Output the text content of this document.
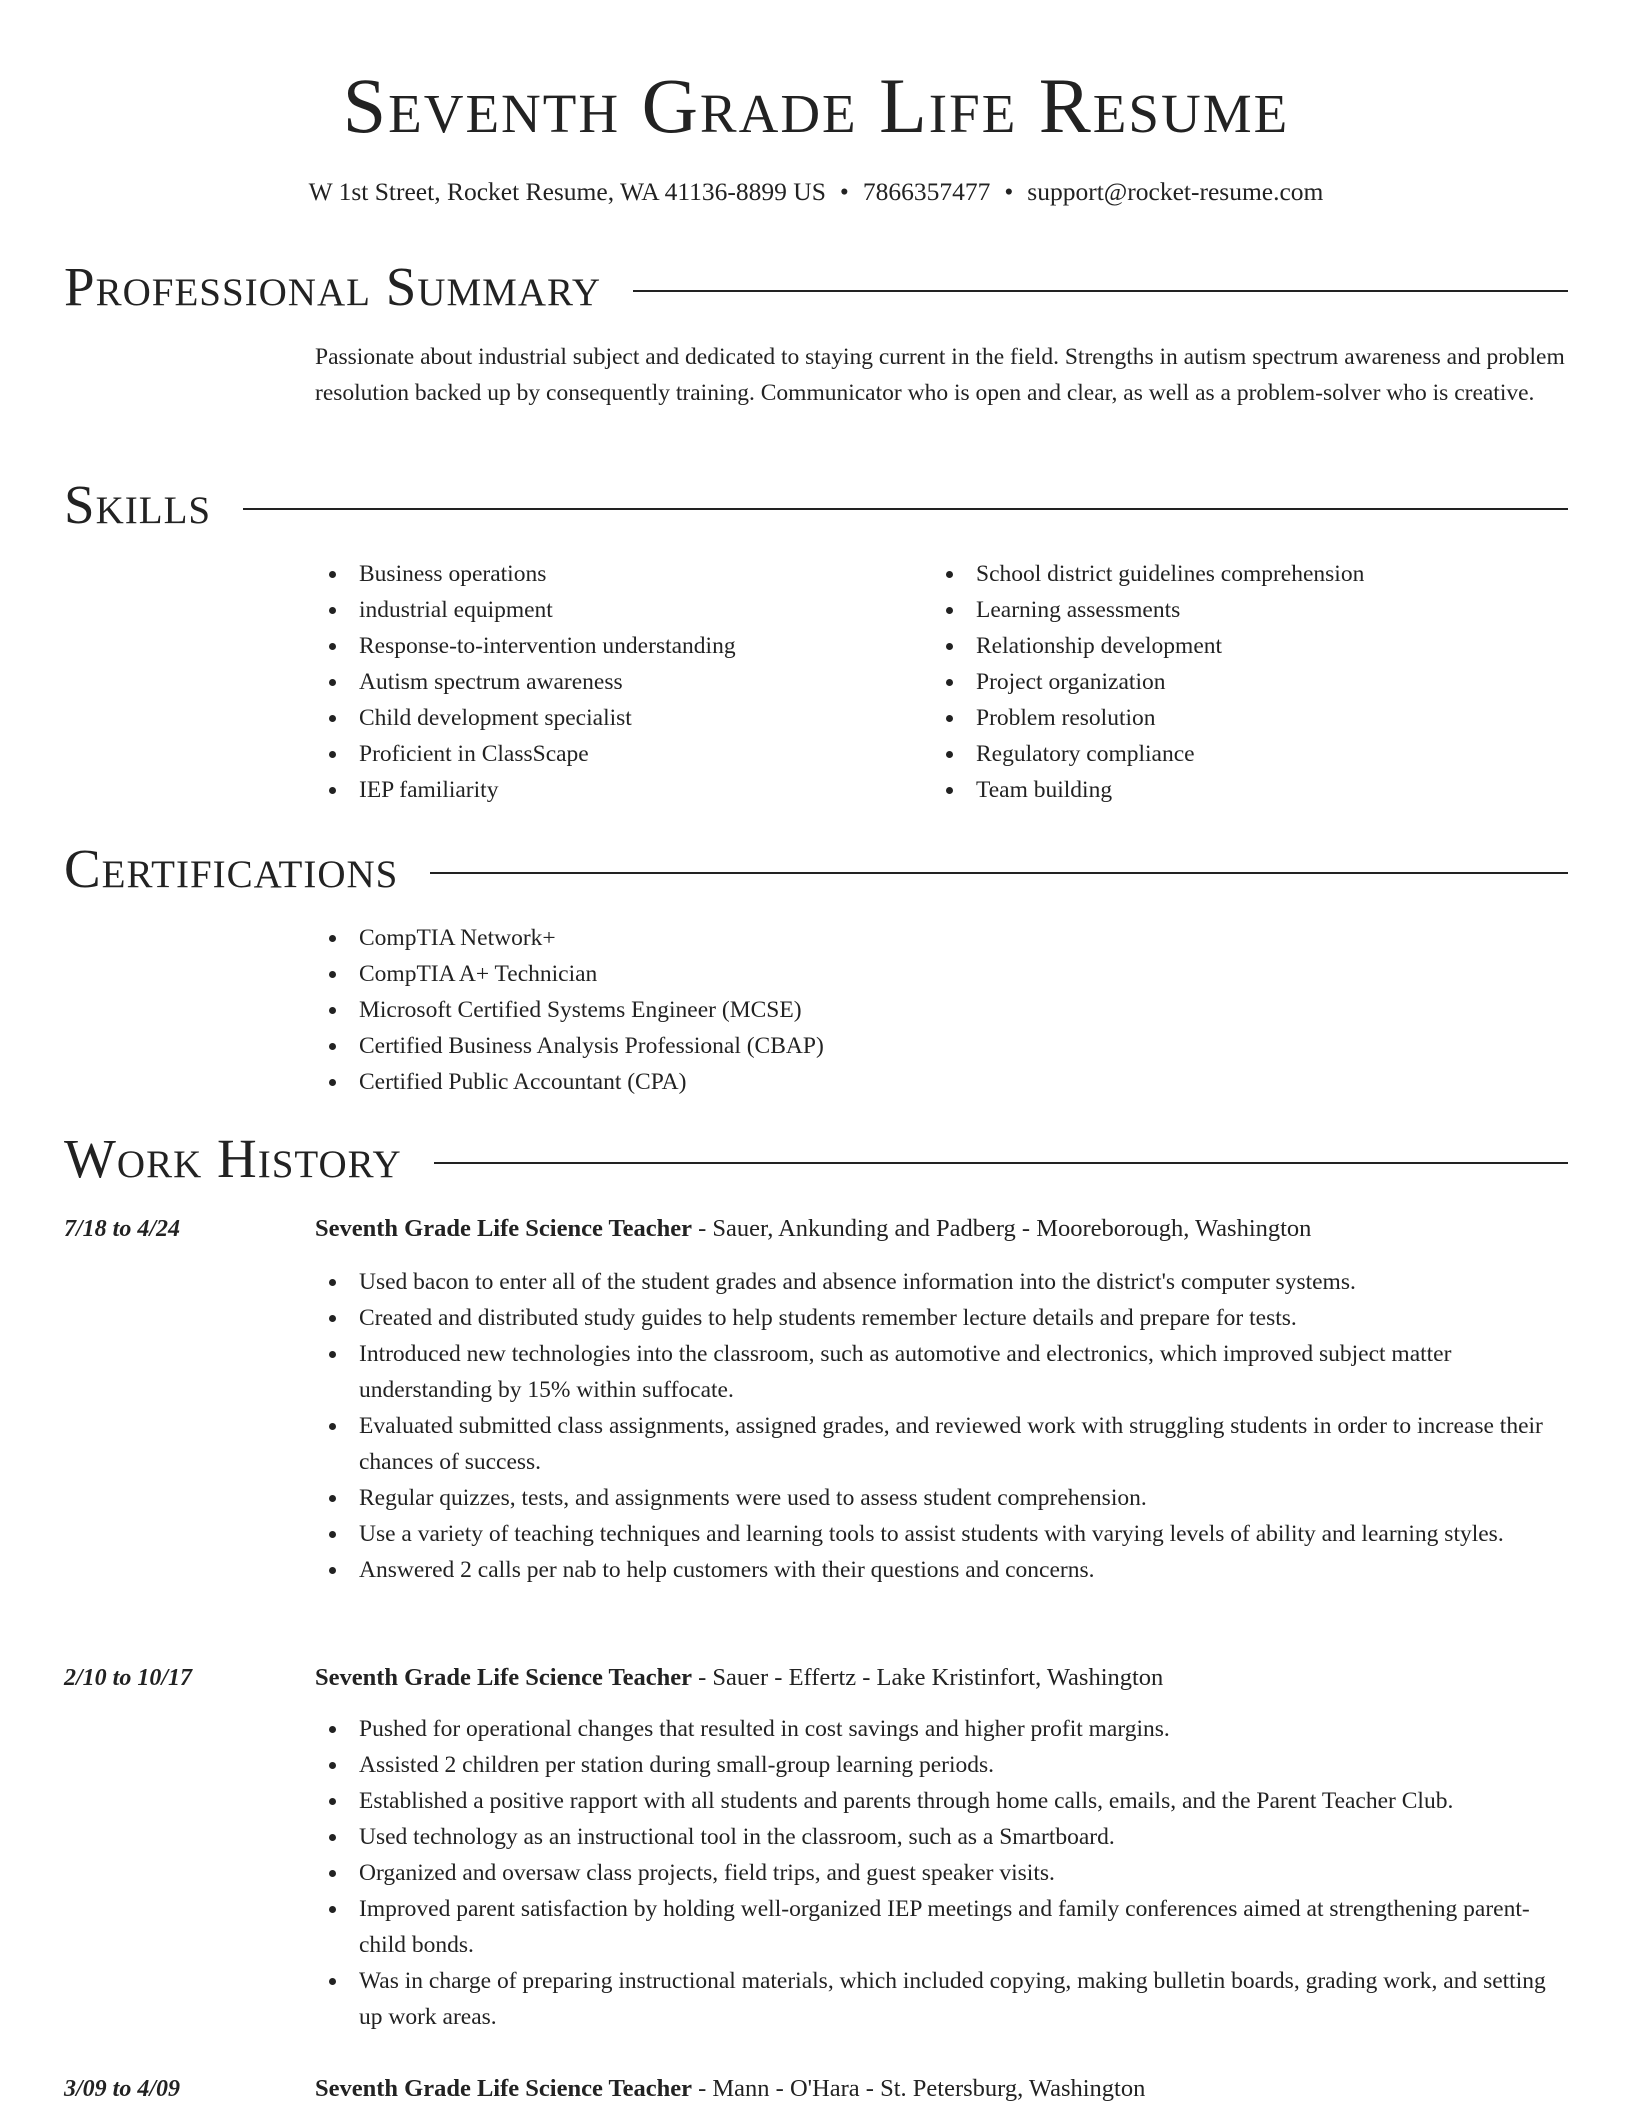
Seventh Grade Life Resume
W 1st Street, Rocket Resume, WA 41136-8899 US • 7866357477 • support@rocket-resume.com
Professional Summary
Passionate about industrial subject and dedicated to staying current in the field. Strengths in autism spectrum awareness and problem resolution backed up by consequently training. Communicator who is open and clear, as well as a problem-solver who is creative.
Skills
Business operations
industrial equipment
Response-to-intervention understanding
Autism spectrum awareness
Child development specialist
Proficient in ClassScape
IEP familiarity
School district guidelines comprehension
Learning assessments
Relationship development
Project organization
Problem resolution
Regulatory compliance
Team building
Certifications
CompTIA Network+
CompTIA A+ Technician
Microsoft Certified Systems Engineer (MCSE)
Certified Business Analysis Professional (CBAP)
Certified Public Accountant (CPA)
Work History
7/18 to 4/24	Seventh Grade Life Science Teacher - Sauer, Ankunding and Padberg - Mooreborough, Washington
Used bacon to enter all of the student grades and absence information into the district's computer systems.
Created and distributed study guides to help students remember lecture details and prepare for tests.
Introduced new technologies into the classroom, such as automotive and electronics, which improved subject matter understanding by 15% within suffocate.
Evaluated submitted class assignments, assigned grades, and reviewed work with struggling students in order to increase their chances of success.
Regular quizzes, tests, and assignments were used to assess student comprehension.
Use a variety of teaching techniques and learning tools to assist students with varying levels of ability and learning styles.
Answered 2 calls per nab to help customers with their questions and concerns.
2/10 to 10/17	Seventh Grade Life Science Teacher - Sauer - Effertz - Lake Kristinfort, Washington
Pushed for operational changes that resulted in cost savings and higher profit margins.
Assisted 2 children per station during small-group learning periods.
Established a positive rapport with all students and parents through home calls, emails, and the Parent Teacher Club.
Used technology as an instructional tool in the classroom, such as a Smartboard.
Organized and oversaw class projects, field trips, and guest speaker visits.
Improved parent satisfaction by holding well-organized IEP meetings and family conferences aimed at strengthening parent-child bonds.
Was in charge of preparing instructional materials, which included copying, making bulletin boards, grading work, and setting up work areas.
3/09 to 4/09	Seventh Grade Life Science Teacher - Mann - O'Hara - St. Petersburg, Washington
